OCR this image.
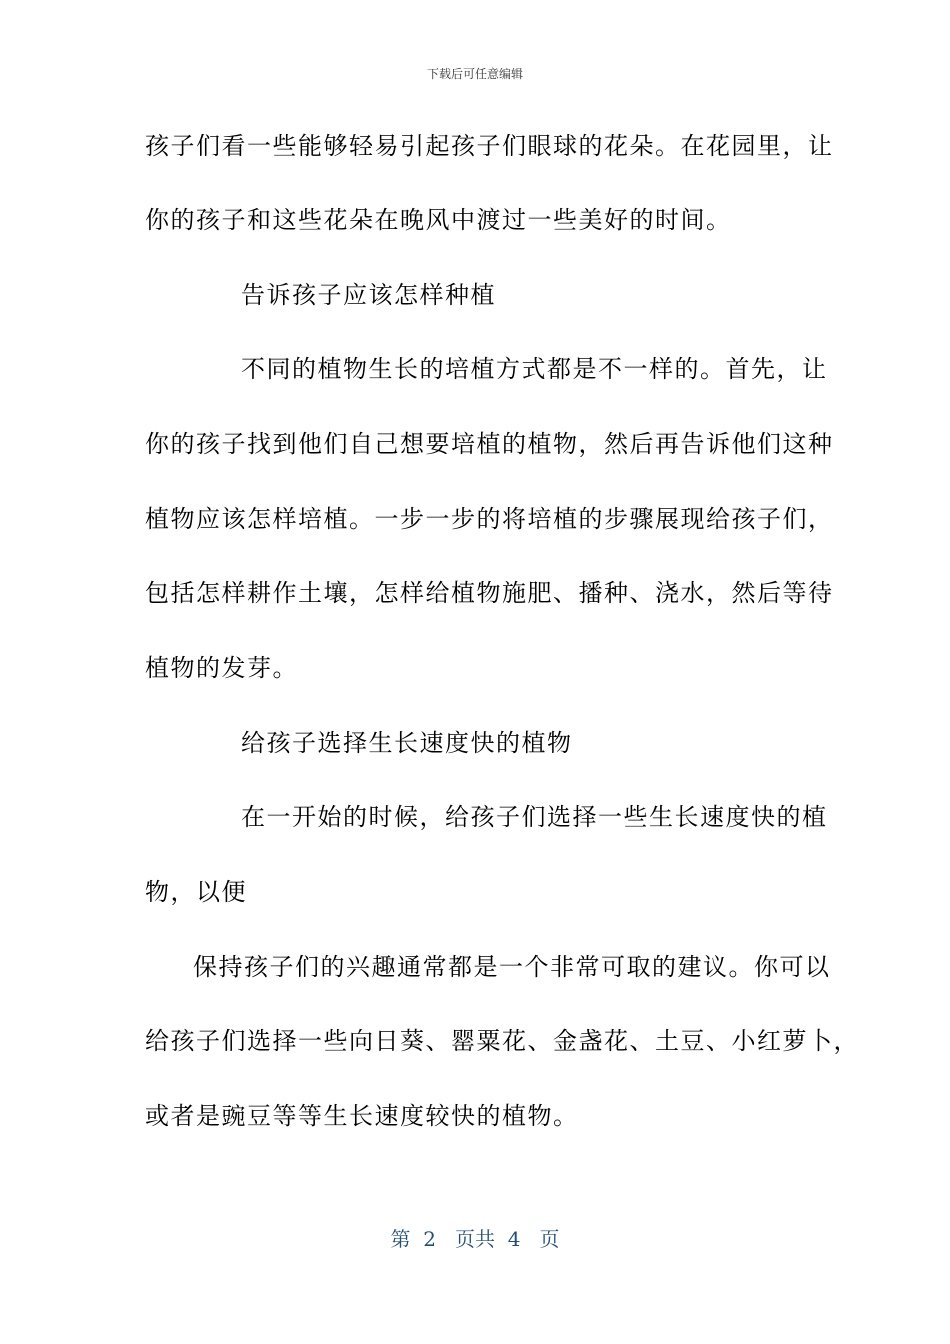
下载后可任意编辑
孩子们看一些能够轻易引起孩子们眼球的花朵。在花园里，让
你的孩子和这些花朵在晚风中渡过一些美好的时间。
告诉孩子应该怎样种植
不同的植物生长的培植方式都是不一样的。首先，让
你的孩子找到他们自己想要培植的植物，然后再告诉他们这种
植物应该怎样培植。一步一步的将培植的步骤展现给孩子们，
包括怎样耕作土壤，怎样给植物施肥、播种、浇水，然后等待
植物的发芽。
给孩子选择生长速度快的植物
在一开始的时候，给孩子们选择一些生长速度快的植
物，以便
保持孩子们的兴趣通常都是一个非常可取的建议。你可以
给孩子们选择一些向日葵、罂粟花、金盏花、土豆、小红萝卜，
或者是豌豆等等生长速度较快的植物。
第  2   页共  4   页
